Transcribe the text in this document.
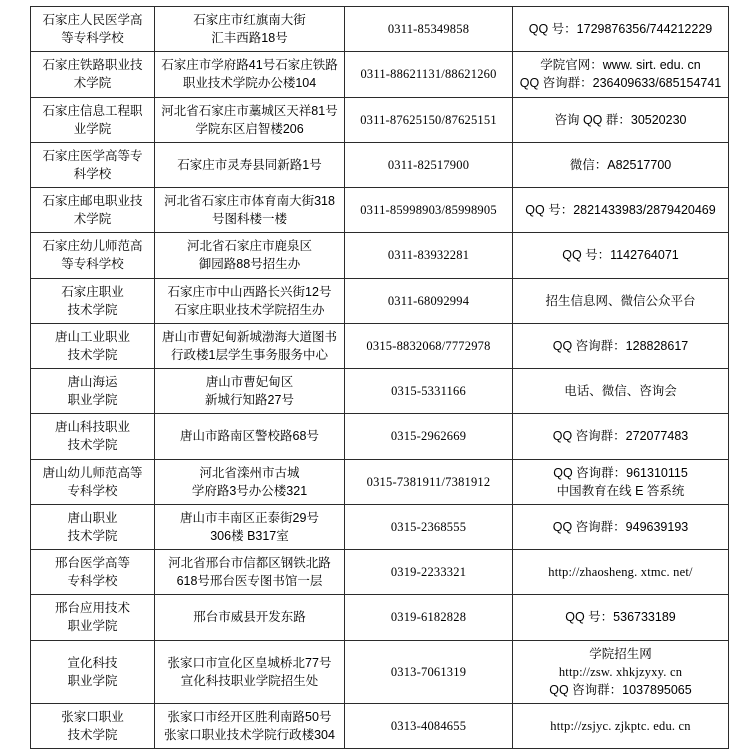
石家庄人民医学高
等专科学校	石家庄市红旗南大街
汇丰西路18号	0311-85349858	QQ 号：1729876356/744212229

石家庄铁路职业技
术学院	石家庄市学府路41号石家庄铁路
职业技术学院办公楼104	0311-88621131/88621260	学院官网：www. sirt. edu. cn
QQ 咨询群：236409633/685154741

石家庄信息工程职
业学院	河北省石家庄市藁城区天祥81号
学院东区启智楼206	0311-87625150/87625151	咨询 QQ 群：30520230

石家庄医学高等专
科学校	石家庄市灵寿县同新路1号	0311-82517900	微信：A82517700

石家庄邮电职业技
术学院	河北省石家庄市体育南大街318
号图科楼一楼	0311-85998903/85998905	QQ 号：2821433983/2879420469

石家庄幼儿师范高
等专科学校	河北省石家庄市鹿泉区
御园路88号招生办	0311-83932281	QQ 号：1142764071

石家庄职业
技术学院	石家庄市中山西路长兴街12号
石家庄职业技术学院招生办	0311-68092994	招生信息网、微信公众平台

唐山工业职业
技术学院	唐山市曹妃甸新城渤海大道图书
行政楼1层学生事务服务中心	0315-8832068/7772978	QQ 咨询群：128828617

唐山海运
职业学院	唐山市曹妃甸区
新城行知路27号	0315-5331166	电话、微信、咨询会

唐山科技职业
技术学院	唐山市路南区警校路68号	0315-2962669	QQ 咨询群：272077483

唐山幼儿师范高等
专科学校	河北省滦州市古城
学府路3号办公楼321	0315-7381911/7381912	QQ 咨询群：961310115
中国教育在线 E 答系统

唐山职业
技术学院	唐山市丰南区正泰街29号
306楼 B317室	0315-2368555	QQ 咨询群：949639193

邢台医学高等
专科学校	河北省邢台市信都区钢铁北路
618号邢台医专图书馆一层	0319-2233321	http://zhaosheng. xtmc. net/

邢台应用技术
职业学院	邢台市威县开发东路	0319-6182828	QQ 号：536733189

宣化科技
职业学院	张家口市宣化区皇城桥北77号
宣化科技职业学院招生处	0313-7061319	学院招生网
http://zsw. xhkjzyxy. cn
QQ 咨询群：1037895065

张家口职业
技术学院	张家口市经开区胜利南路50号
张家口职业技术学院行政楼304	0313-4084655	http://zsjyc. zjkptc. edu. cn
